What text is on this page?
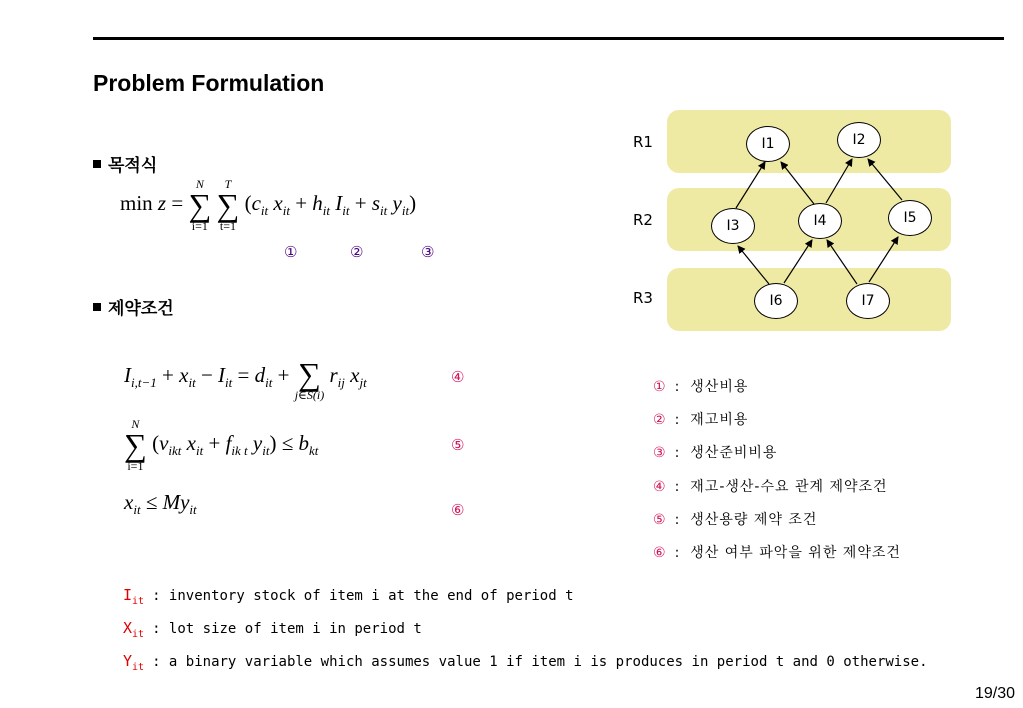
Problem Formulation
목적식
min z =
N
∑
i=1

T
∑
t=1
($c_{it}$ $x_{it} + h_{it}$ $I_{it} + s_{it}$ $y_{it}$)
①	②	③
제약조건
$I_{i,t-1} + x_{it} - I_{it} = d_{it}$ + ∑
j∈S(i)
$r_{ij}$ $x_{jt}$	④
N
∑
i=1
($v_{ikt}$ $x_{it} + f_{ik t}$ $y_{it}) \le b_{kt}$	⑤
$x_{it} \le My_{it}$	⑥
R1
R2
R3
I1	I2
I3	I4	I5
I6	I7
① : 생산비용
② : 재고비용
③ : 생산준비비용
④ : 재고-생산-수요 관계 제약조건
⑤ : 생산용량 제약 조건
⑥ : 생산 여부 파악을 위한 제약조건
$I_{it}$ : inventory stock of item i at the end of period t
$X_{it}$ : lot size of item i in period t
$Y_{it}$ : a binary variable which assumes value 1 if item i is produces in period t and 0 otherwise.
19/30
